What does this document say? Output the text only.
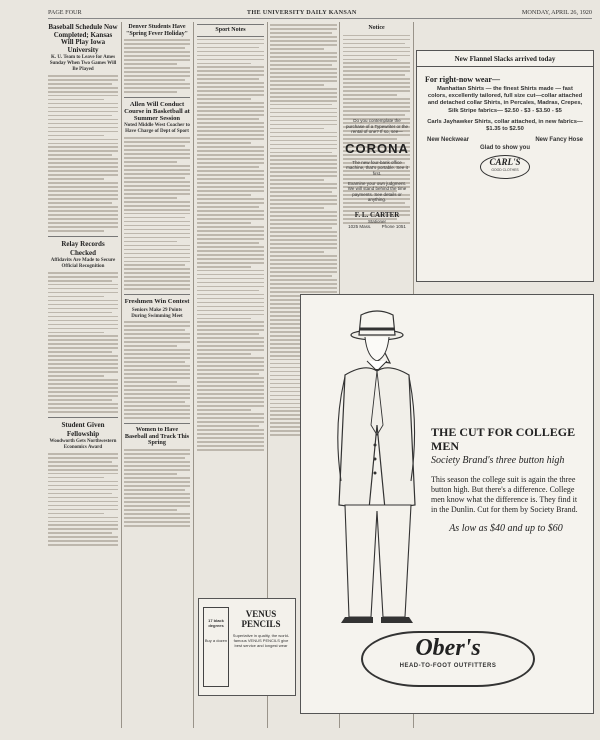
PAGE FOUR	THE UNIVERSITY DAILY KANSAN	MONDAY, APRIL 26, 1920
Baseball Schedule Now Completed; Kansas Will Play Iowa University
K. U. Team to Leave for Ames Sunday When Two Games Will Be Played
Relay Records Checked
Affidavits Are Made to Secure Official Recognition
Student Given Fellowship
Woodworth Gets Northwestern Economics Award
Denver Students Have "Spring Fever Holiday"
Allen Will Conduct Course in Basketball at Summer Session
Noted Middle West Coacher to Have Charge of Dept of Sport
Freshmen Win Contest
Seniors Make 29 Points During Swimming Meet
Women to Have Baseball and Track This Spring
Sport Notes	Notice
Do you contemplate the purchase of a Typewriter or the rental of one? If so, see—
CORONA
The new four-bank office machine, that's portable. See it first.
Examine your own judgment. We will stand behind the time payments. See details or anything.
F. L. CARTER
Stationer
1025 Mass. Phone 1051
New Flannel Slacks arrived today
For right-now wear—
Manhattan Shirts — the finest Shirts made — fast colors, excellently tailored, full size cut—collar attached and detached collar Shirts, in Percales, Madras, Crepes, Silk Stripe fabrics— $2.50 - $3 - $3.50 - $5
Carls Jayhawker Shirts, collar attached, in new fabrics— $1.35 to $2.50
New Neckwear	New Fancy Hose
Glad to show you
CARL'S
GOOD CLOTHES
THE CUT FOR COLLEGE MEN
Society Brand's three button high
This season the college suit is again the three button high. But there's a difference. College men know what the difference is. They find it in the Dunlin. Cut for them by Society Brand.
As low as $40 and up to $60
Ober's
HEAD-TO-FOOT OUTFITTERS
17 black degrees
Buy a dozen
VENUS PENCILS
Superlative in quality, the world-famous VENUS PENCILS give best service and longest wear
